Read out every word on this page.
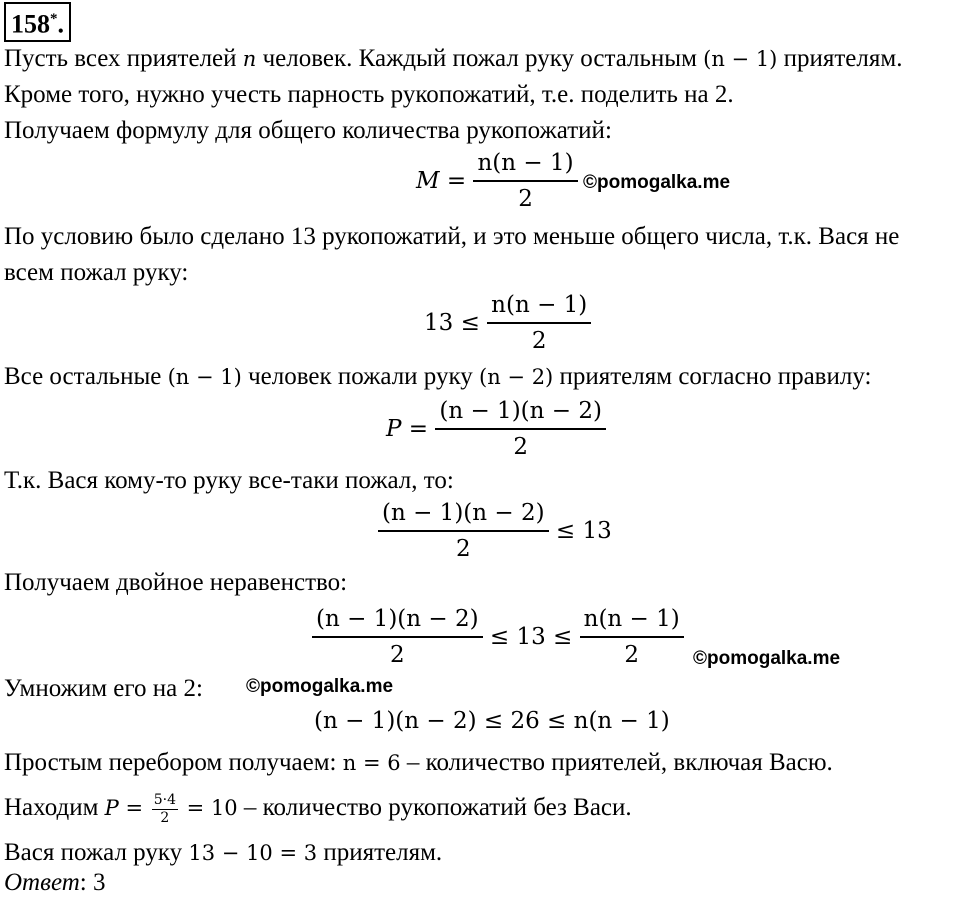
158*.
Пусть всех приятелей n человек. Каждый пожал руку остальным (n − 1) приятелям.
Кроме того, нужно учесть парность рукопожатий, т.е. поделить на 2.
Получаем формулу для общего количества рукопожатий:
$M = \frac{n(n - 1)}{2}$ ©pomogalka.me
По условию было сделано 13 рукопожатий, и это меньше общего числа, т.к. Вася не
всем пожал руку:
$13 \le \frac{n(n - 1)}{2}$
Все остальные (n − 1) человек пожали руку (n − 2) приятелям согласно правилу:
$P = \frac{(n - 1)(n - 2)}{2}$
Т.к. Вася кому-то руку все-таки пожал, то:
$\frac{(n - 1)(n - 2)}{2} \le 13$
Получаем двойное неравенство:
$\frac{(n - 1)(n - 2)}{2} \le 13 \le \frac{n(n - 1)}{2}$ ©pomogalka.me
Умножим его на 2: ©pomogalka.me
(n − 1)(n − 2) ≤ 26 ≤ n(n − 1)
Простым перебором получаем: n = 6 – количество приятелей, включая Васю.
Находим $P = \frac{5\cdot 4}{2} = 10$ – количество рукопожатий без Васи.
Вася пожал руку 13 − 10 = 3 приятелям.
Ответ: 3
